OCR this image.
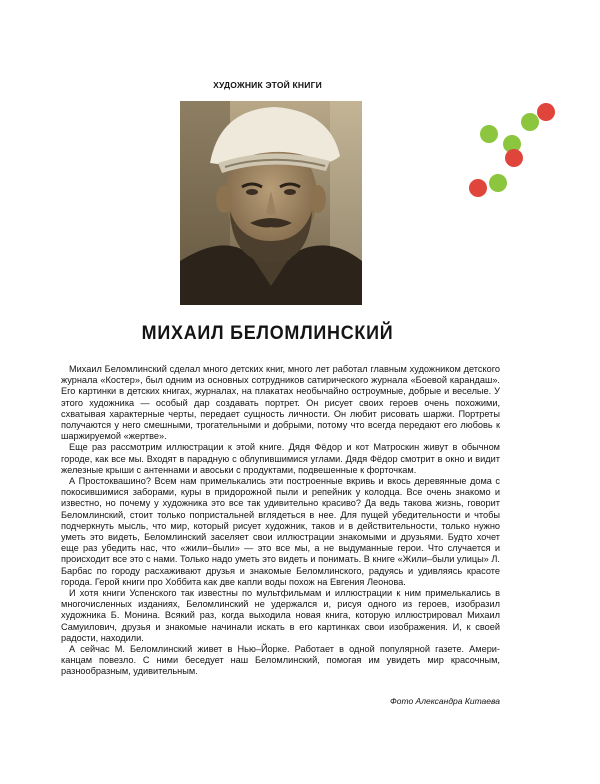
ХУДОЖНИК ЭТОЙ КНИГИ
МИХАИЛ БЕЛОМЛИНСКИЙ

Михаил Беломлинский сделал много детских книг, много лет работал главным художником детского журнала «Костер», был одним из основных сотрудников сатирического журнала «Боевой карандаш». Его картинки в детских книгах, журналах, на плакатах необычайно остроумные, добрые и веселые. У этого художника — особый дар создавать портрет. Он рисует своих героев очень похожими, схватывая характерные черты, передает сущность личности. Он любит рисовать шаржи. Портреты получаются у него смешными, трогательными и добрыми, потому что всегда передают его любовь к шаржируемой «жертве».

Еще раз рассмотрим иллюстрации к этой книге. Дядя Фёдор и кот Матроскин живут в обычном городе, как все мы. Входят в парадную с облупившимися углами. Дядя Фёдор смотрит в окно и видит железные крыши с антеннами и авоськи с продуктами, подвешенные к форточкам.

А Простоквашино? Всем нам примелькались эти построенные вкривь и вкось деревянные дома с покосившимися заборами, куры в придорожной пыли и репейник у колодца. Все очень знакомо и известно, но почему у художника это все так удивительно красиво? Да ведь такова жизнь, говорит Беломлинский, стоит только попристальней вглядеться в нее. Для пущей убедительности и чтобы подчеркнуть мысль, что мир, который рисует художник, таков и в действительности, только нужно уметь это видеть, Беломлинский заселяет свои иллюстрации знакомыми и друзьями. Будто хочет еще раз убедить нас, что «жили–были» — это все мы, а не выдуманные герои. Что случается и происходит все это с нами. Только надо уметь это видеть и понимать. В книге «Жили–были улицы» Л. Барбас по городу расхаживают друзья и знакомые Беломлинского, радуясь и удивляясь красоте города. Герой книги про Хоббита как две капли воды похож на Евгения Леонова.

И хотя книги Успенского так известны по мультфильмам и иллюстрации к ним примелькались в многочисленных изданиях, Беломлинский не удержался и, рисуя одного из героев, изобразил художника Б. Монина. Всякий раз, когда выходила новая книга, которую иллюстрировал Михаил Самуилович, друзья и знакомые начинали искать в его картинках свои изображения. И, к своей радости, находили.

А сейчас М. Беломлинский живет в Нью–Йорке. Работает в одной популярной газете. Амери-канцам повезло. С ними беседует наш Беломлинский, помогая им увидеть мир красочным, разнообразным, удивительным.

Фото Александра Китаева
